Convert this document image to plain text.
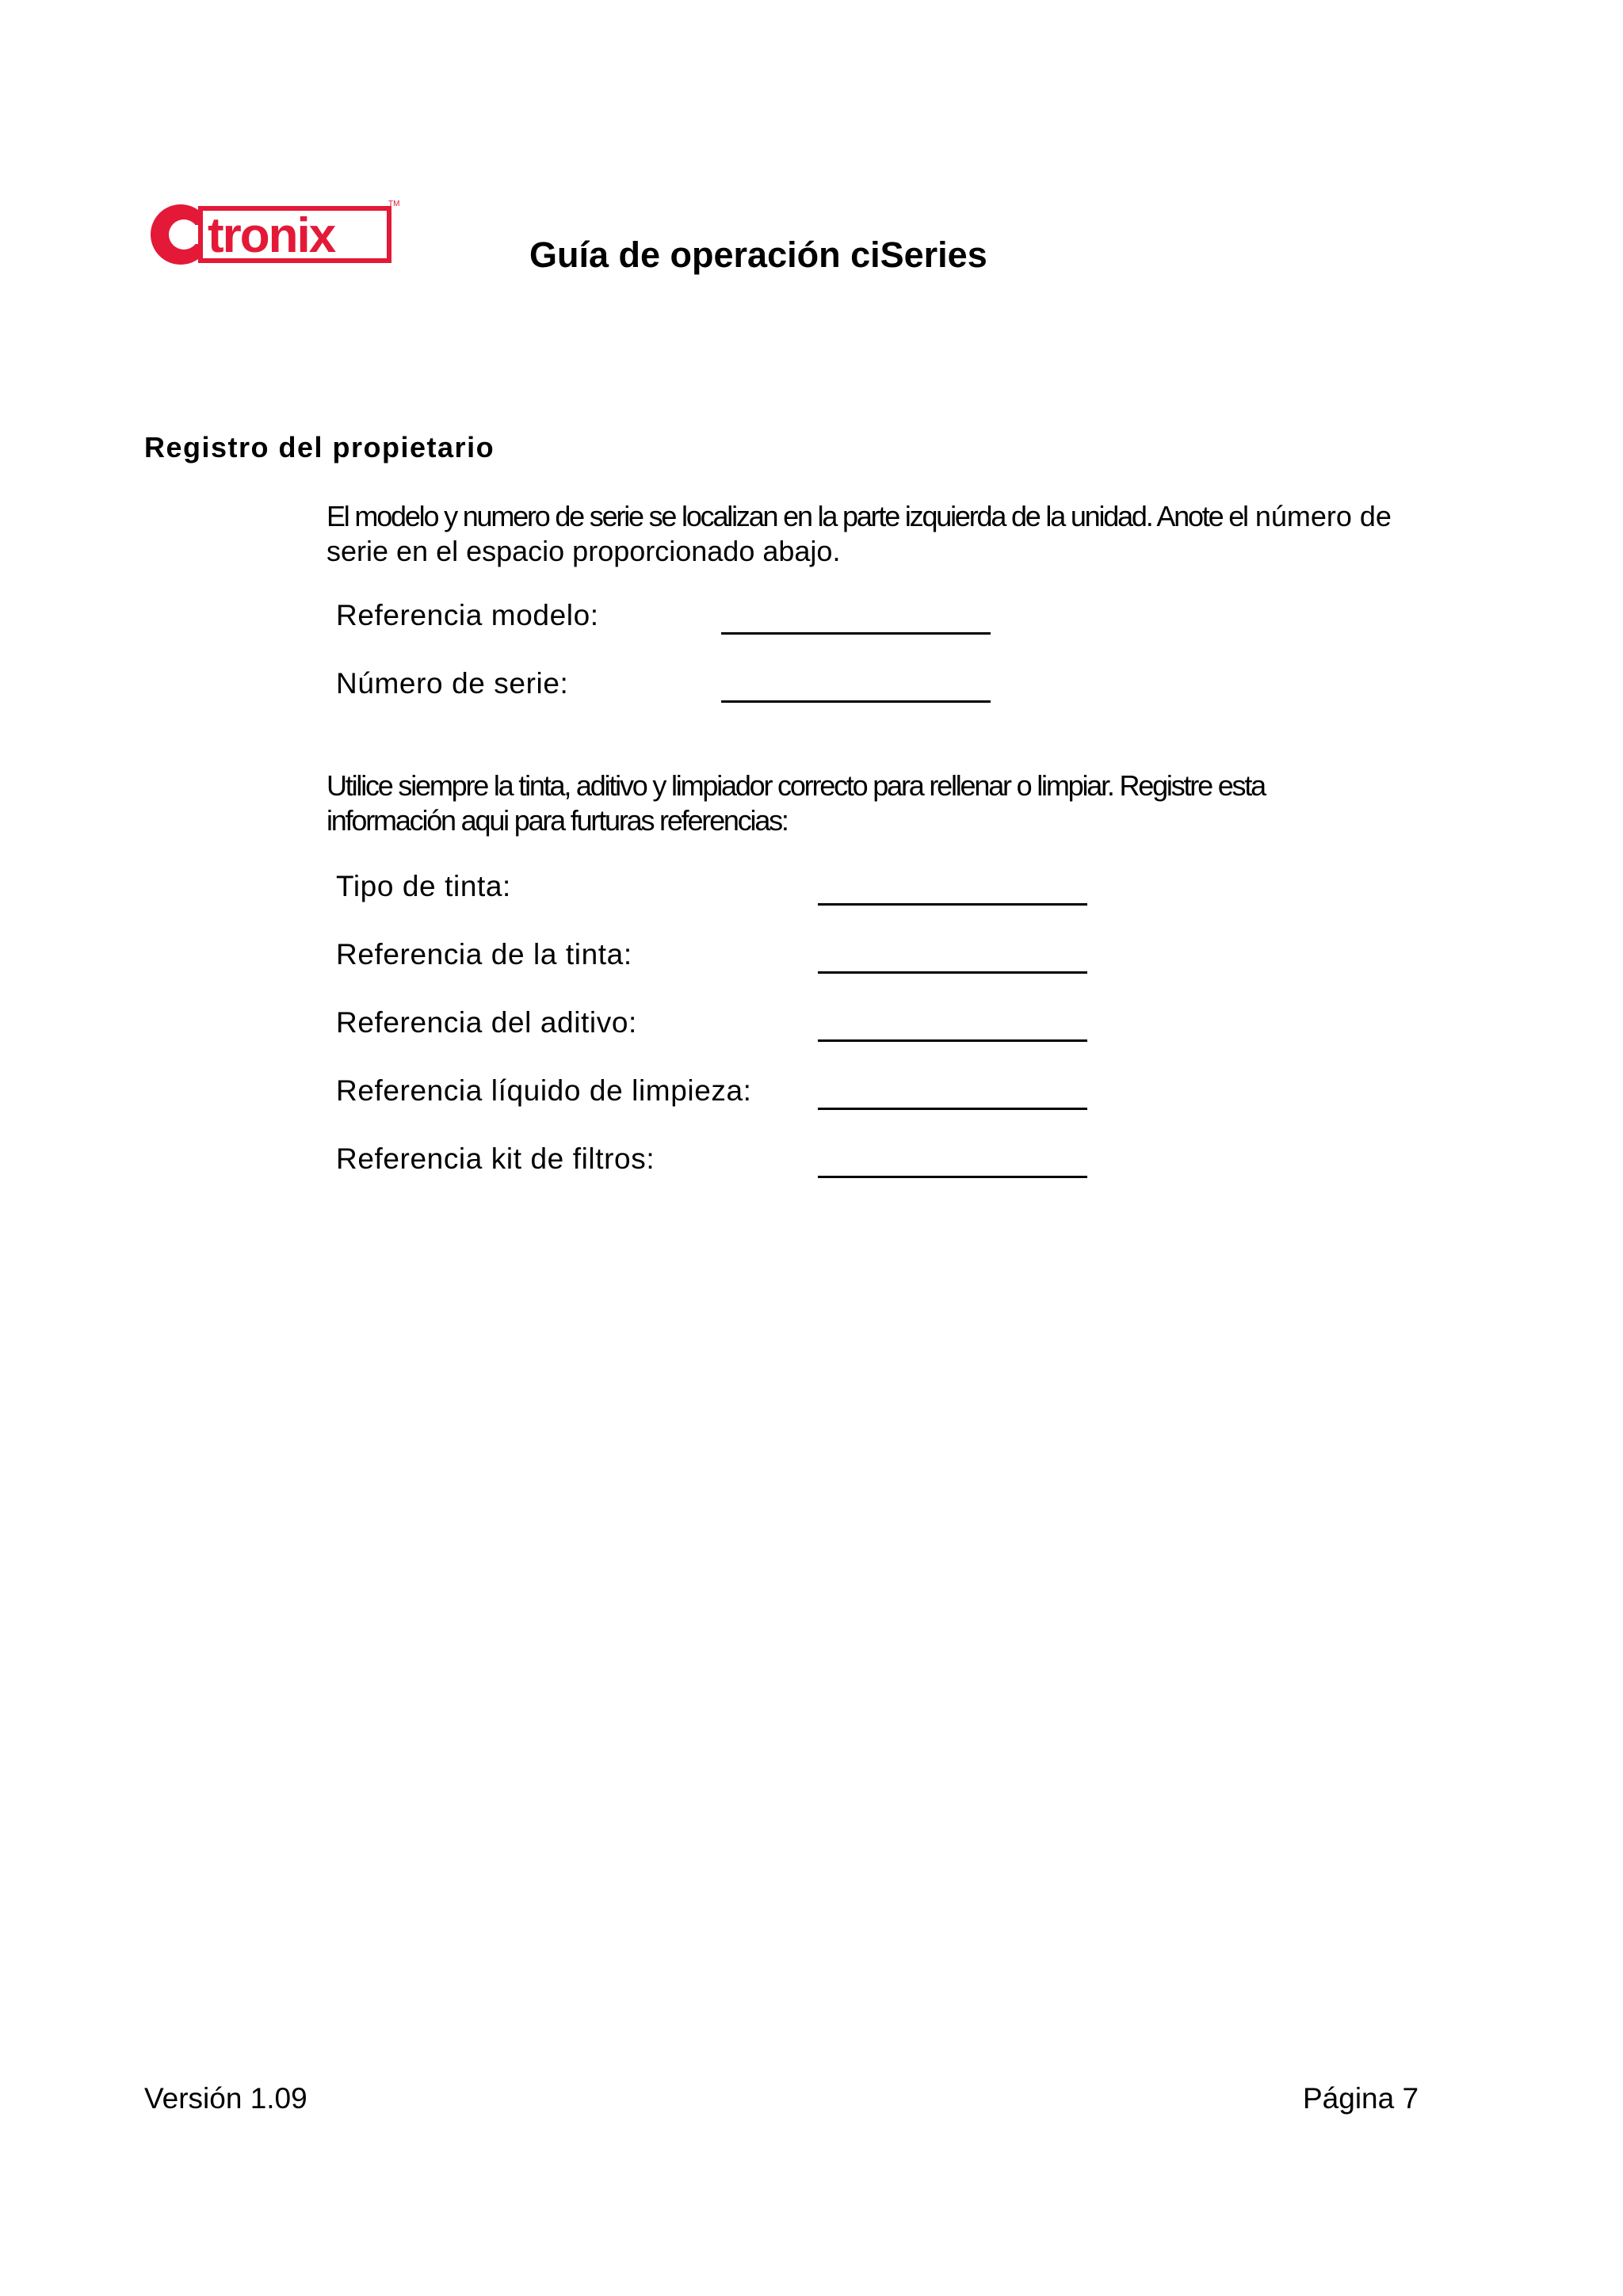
tronix
TM
Guía de operación ciSeries
Registro del propietario

El modelo y numero de serie se localizan en la parte izquierda de la unidad. Anote el número de
serie en el espacio proporcionado abajo.

Referencia modelo:
Número de serie:

Utilice siempre la tinta, aditivo y limpiador correcto para rellenar o limpiar. Registre esta
información aqui para furturas referencias:

Tipo de tinta:
Referencia de la tinta:
Referencia del aditivo:
Referencia líquido de limpieza:
Referencia kit de filtros:
Versión 1.09	Página 7
